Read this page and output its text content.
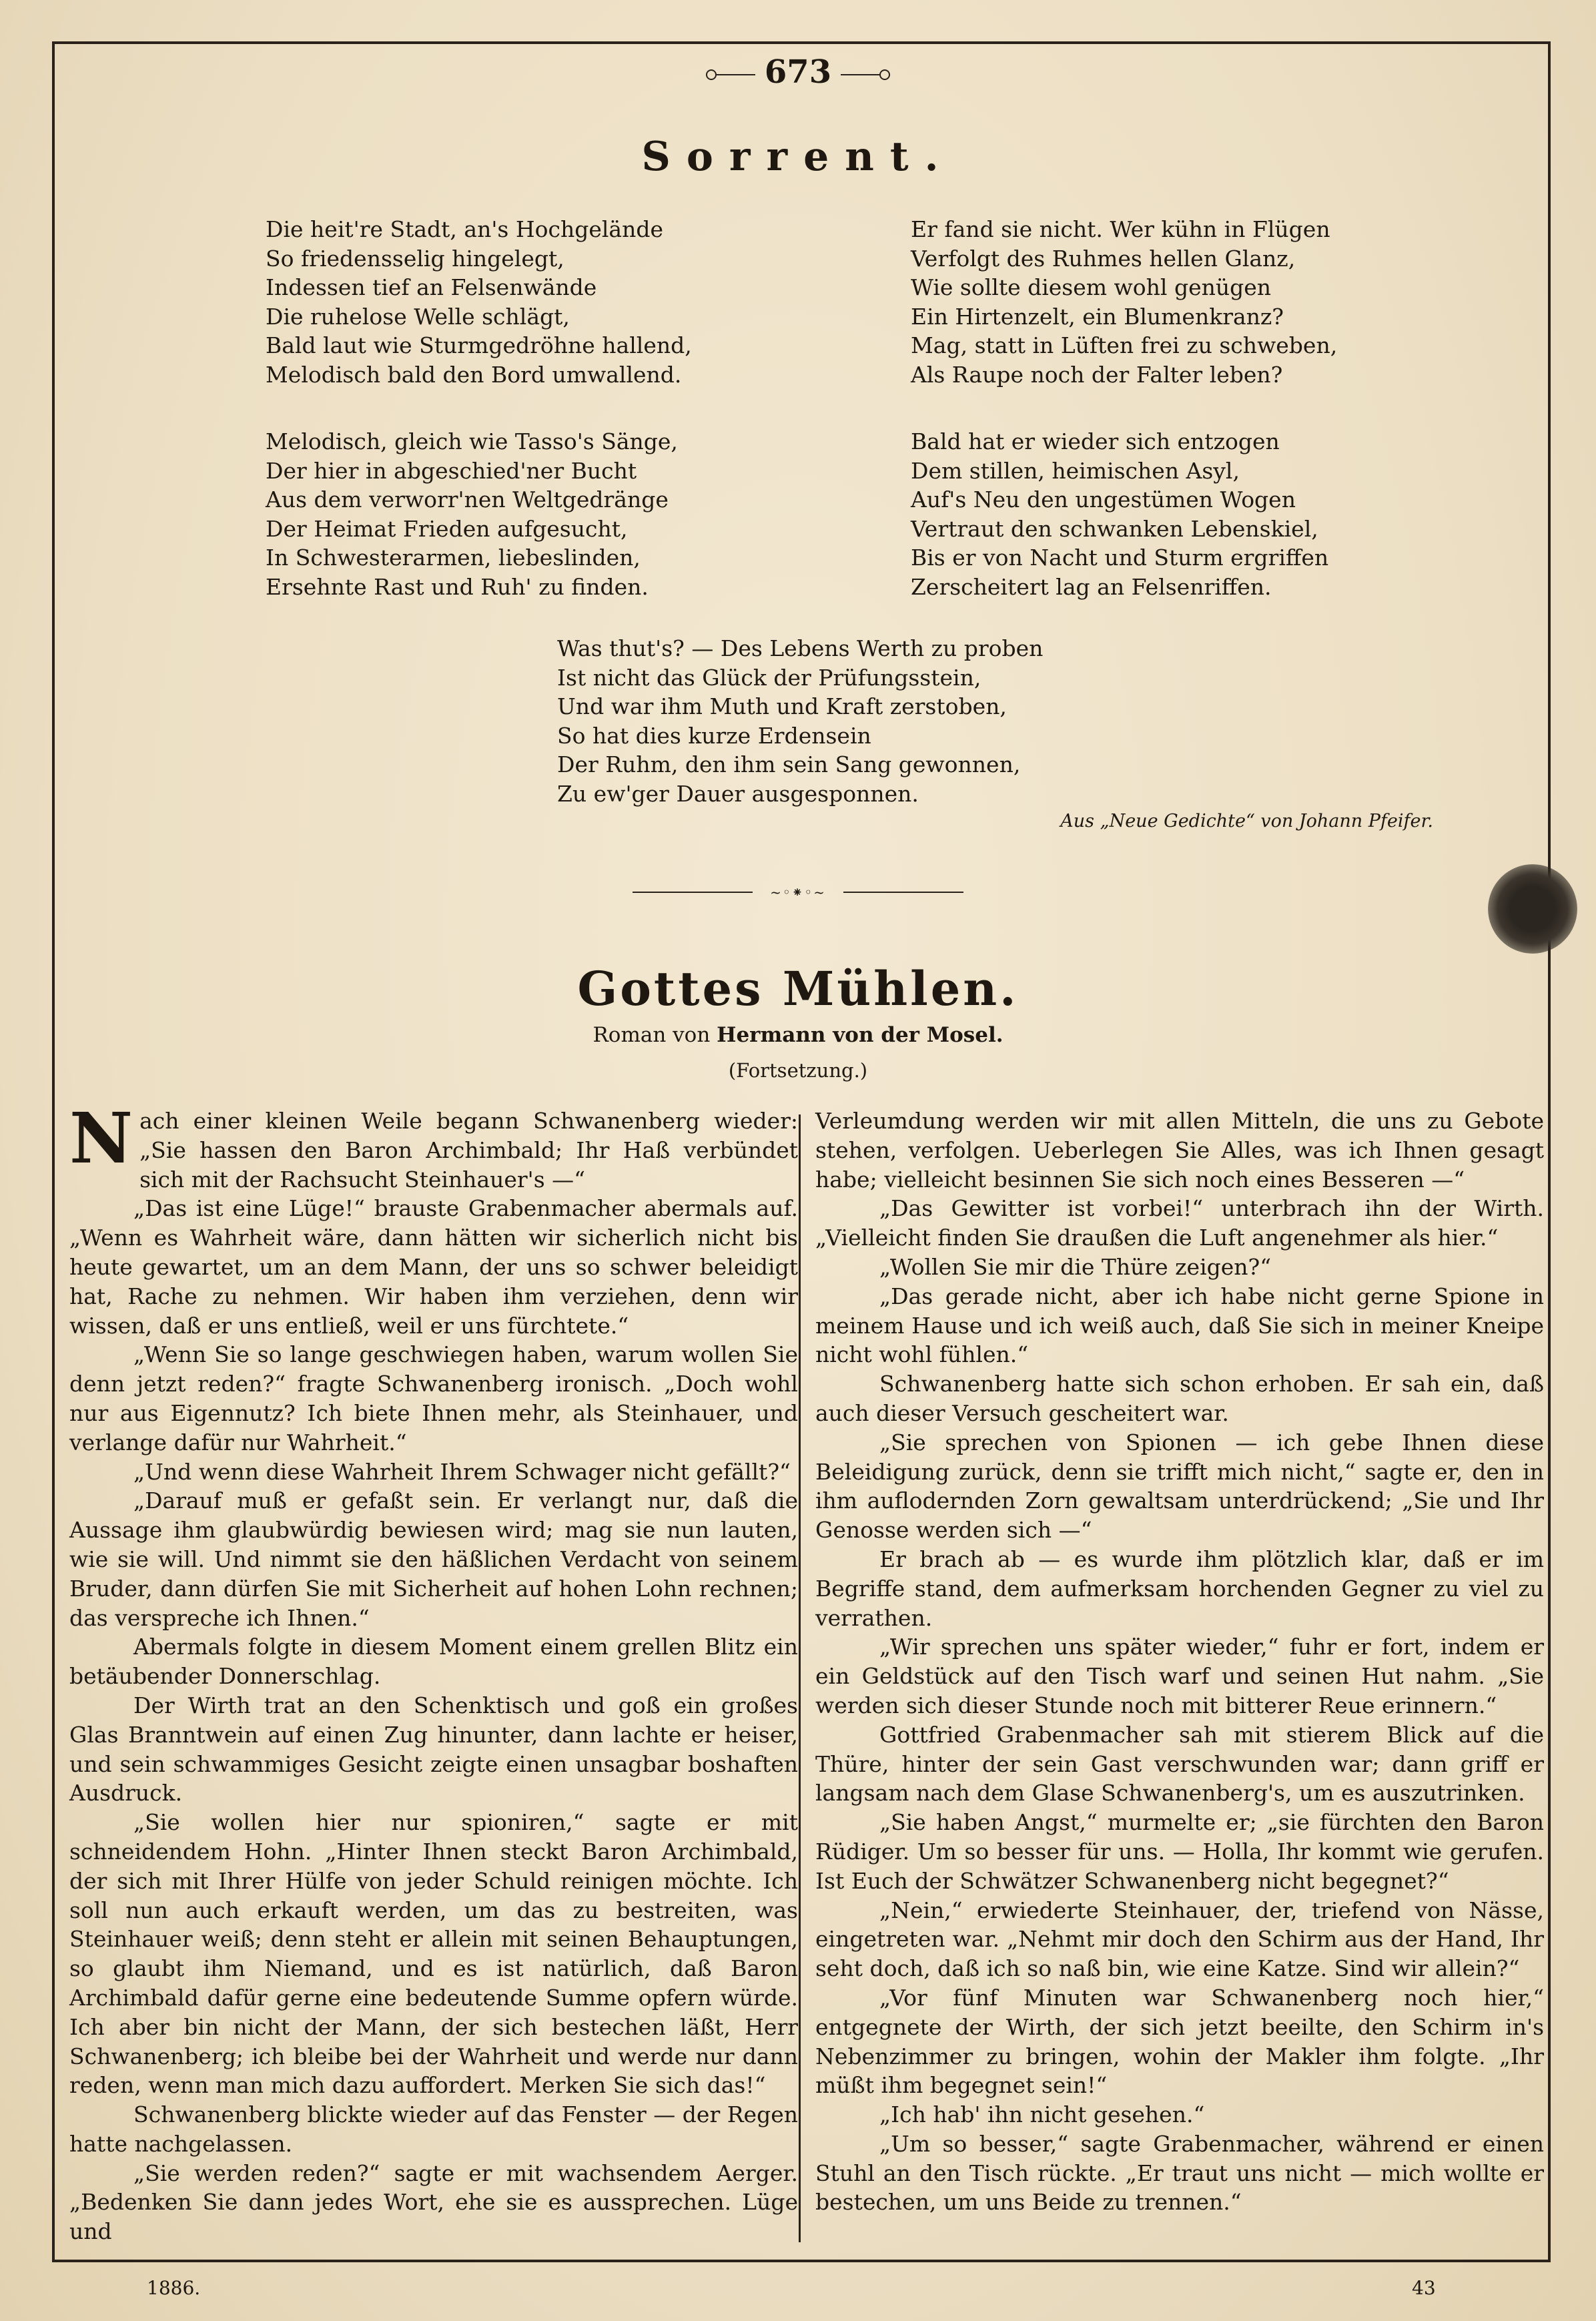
673
Sorrent.
Die heit're Stadt, an's Hochgelände
So friedensselig hingelegt,
Indessen tief an Felsenwände
Die ruhelose Welle schlägt,
Bald laut wie Sturmgedröhne hallend,
Melodisch bald den Bord umwallend.
Melodisch, gleich wie Tasso's Sänge,
Der hier in abgeschied'ner Bucht
Aus dem verworr'nen Weltgedränge
Der Heimat Frieden aufgesucht,
In Schwesterarmen, liebeslinden,
Ersehnte Rast und Ruh' zu finden.
Er fand sie nicht. Wer kühn in Flügen
Verfolgt des Ruhmes hellen Glanz,
Wie sollte diesem wohl genügen
Ein Hirtenzelt, ein Blumenkranz?
Mag, statt in Lüften frei zu schweben,
Als Raupe noch der Falter leben?
Bald hat er wieder sich entzogen
Dem stillen, heimischen Asyl,
Auf's Neu den ungestümen Wogen
Vertraut den schwanken Lebenskiel,
Bis er von Nacht und Sturm ergriffen
Zerscheitert lag an Felsenriffen.
Was thut's? — Des Lebens Werth zu proben
Ist nicht das Glück der Prüfungsstein,
Und war ihm Muth und Kraft zerstoben,
So hat dies kurze Erdensein
Der Ruhm, den ihm sein Sang gewonnen,
Zu ew'ger Dauer ausgesponnen.
Aus „Neue Gedichte“ von Johann Pfeifer.
~◦⁕◦~
Gottes Mühlen.
Roman von Hermann von der Mosel.
(Fortsetzung.)

Nach einer kleinen Weile begann Schwanenberg wieder: „Sie hassen den Baron Archimbald; Ihr Haß verbündet sich mit der Rachsucht Steinhauer's —“

„Das ist eine Lüge!“ brauste Grabenmacher abermals auf. „Wenn es Wahrheit wäre, dann hätten wir sicherlich nicht bis heute gewartet, um an dem Mann, der uns so schwer beleidigt hat, Rache zu nehmen. Wir haben ihm verziehen, denn wir wissen, daß er uns entließ, weil er uns fürchtete.“

„Wenn Sie so lange geschwiegen haben, warum wollen Sie denn jetzt reden?“ fragte Schwanenberg ironisch. „Doch wohl nur aus Eigennutz? Ich biete Ihnen mehr, als Steinhauer, und verlange dafür nur Wahrheit.“

„Und wenn diese Wahrheit Ihrem Schwager nicht gefällt?“

„Darauf muß er gefaßt sein. Er verlangt nur, daß die Aussage ihm glaubwürdig bewiesen wird; mag sie nun lauten, wie sie will. Und nimmt sie den häßlichen Verdacht von seinem Bruder, dann dürfen Sie mit Sicherheit auf hohen Lohn rechnen; das verspreche ich Ihnen.“

Abermals folgte in diesem Moment einem grellen Blitz ein betäubender Donnerschlag.

Der Wirth trat an den Schenktisch und goß ein großes Glas Branntwein auf einen Zug hinunter, dann lachte er heiser, und sein schwammiges Gesicht zeigte einen unsagbar boshaften Ausdruck.

„Sie wollen hier nur spioniren,“ sagte er mit schneidendem Hohn. „Hinter Ihnen steckt Baron Archimbald, der sich mit Ihrer Hülfe von jeder Schuld reinigen möchte. Ich soll nun auch erkauft werden, um das zu bestreiten, was Steinhauer weiß; denn steht er allein mit seinen Behauptungen, so glaubt ihm Niemand, und es ist natürlich, daß Baron Archimbald dafür gerne eine bedeutende Summe opfern würde. Ich aber bin nicht der Mann, der sich bestechen läßt, Herr Schwanenberg; ich bleibe bei der Wahrheit und werde nur dann reden, wenn man mich dazu auffordert. Merken Sie sich das!“

Schwanenberg blickte wieder auf das Fenster — der Regen hatte nachgelassen.

„Sie werden reden?“ sagte er mit wachsendem Aerger. „Bedenken Sie dann jedes Wort, ehe sie es aussprechen. Lüge und

Verleumdung werden wir mit allen Mitteln, die uns zu Gebote stehen, verfolgen. Ueberlegen Sie Alles, was ich Ihnen gesagt habe; vielleicht besinnen Sie sich noch eines Besseren —“

„Das Gewitter ist vorbei!“ unterbrach ihn der Wirth. „Vielleicht finden Sie draußen die Luft angenehmer als hier.“

„Wollen Sie mir die Thüre zeigen?“

„Das gerade nicht, aber ich habe nicht gerne Spione in meinem Hause und ich weiß auch, daß Sie sich in meiner Kneipe nicht wohl fühlen.“

Schwanenberg hatte sich schon erhoben. Er sah ein, daß auch dieser Versuch gescheitert war.

„Sie sprechen von Spionen — ich gebe Ihnen diese Beleidigung zurück, denn sie trifft mich nicht,“ sagte er, den in ihm auflodernden Zorn gewaltsam unterdrückend; „Sie und Ihr Genosse werden sich —“

Er brach ab — es wurde ihm plötzlich klar, daß er im Begriffe stand, dem aufmerksam horchenden Gegner zu viel zu verrathen.

„Wir sprechen uns später wieder,“ fuhr er fort, indem er ein Geldstück auf den Tisch warf und seinen Hut nahm. „Sie werden sich dieser Stunde noch mit bitterer Reue erinnern.“

Gottfried Grabenmacher sah mit stierem Blick auf die Thüre, hinter der sein Gast verschwunden war; dann griff er langsam nach dem Glase Schwanenberg's, um es auszutrinken.

„Sie haben Angst,“ murmelte er; „sie fürchten den Baron Rüdiger. Um so besser für uns. — Holla, Ihr kommt wie gerufen. Ist Euch der Schwätzer Schwanenberg nicht begegnet?“

„Nein,“ erwiederte Steinhauer, der, triefend von Nässe, eingetreten war. „Nehmt mir doch den Schirm aus der Hand, Ihr seht doch, daß ich so naß bin, wie eine Katze. Sind wir allein?“

„Vor fünf Minuten war Schwanenberg noch hier,“ entgegnete der Wirth, der sich jetzt beeilte, den Schirm in's Nebenzimmer zu bringen, wohin der Makler ihm folgte. „Ihr müßt ihm begegnet sein!“

„Ich hab' ihn nicht gesehen.“

„Um so besser,“ sagte Grabenmacher, während er einen Stuhl an den Tisch rückte. „Er traut uns nicht — mich wollte er bestechen, um uns Beide zu trennen.“

1886.	43
